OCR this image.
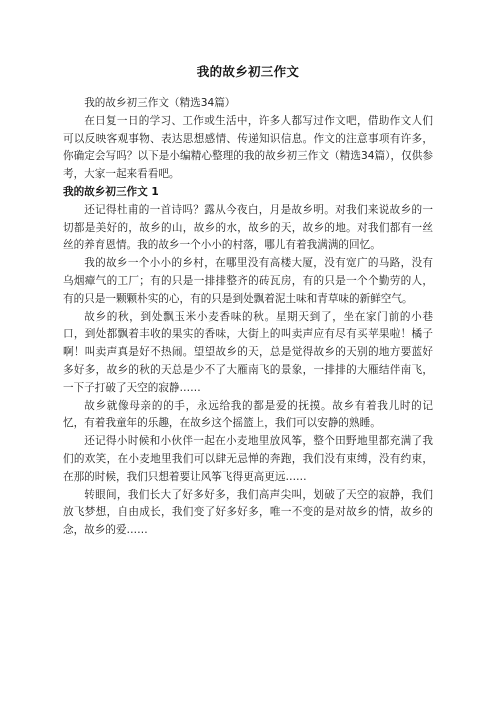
我的故乡初三作文

我的故乡初三作文（精选34篇）

在日复一日的学习、工作或生活中，许多人都写过作文吧，借助作文人们可以反映客观事物、表达思想感情、传递知识信息。作文的注意事项有许多，你确定会写吗？以下是小编精心整理的我的故乡初三作文（精选34篇），仅供参考，大家一起来看看吧。

我的故乡初三作文 1

还记得杜甫的一首诗吗？露从今夜白，月是故乡明。对我们来说故乡的一切都是美好的，故乡的山，故乡的水，故乡的天，故乡的地。对我们都有一丝丝的养育恩情。我的故乡一个小小的村落，哪儿有着我满满的回忆。

我的故乡一个小小的乡村，在哪里没有高楼大厦，没有宽广的马路，没有乌烟瘴气的工厂；有的只是一排排整齐的砖瓦房，有的只是一个个勤劳的人，有的只是一颗颗朴实的心，有的只是到处飘着泥土味和青草味的新鲜空气。

故乡的秋，到处飘玉米小麦香味的秋。星期天到了，坐在家门前的小巷口，到处都飘着丰收的果实的香味，大街上的叫卖声应有尽有买苹果啦！橘子啊！叫卖声真是好不热闹。望望故乡的天，总是觉得故乡的天别的地方要蓝好多好多，故乡的秋的天总是少不了大雁南飞的景象，一排排的大雁结伴南飞，一下子打破了天空的寂静……

故乡就像母亲的的手，永远给我的都是爱的抚摸。故乡有着我儿时的记忆，有着我童年的乐趣，在故乡这个摇篮上，我们可以安静的熟睡。

还记得小时候和小伙伴一起在小麦地里放风筝，整个田野地里都充满了我们的欢笑，在小麦地里我们可以肆无忌惮的奔跑，我们没有束缚，没有约束，在那的时候，我们只想着要让风筝飞得更高更远……

转眼间，我们长大了好多好多，我们高声尖叫，划破了天空的寂静，我们放飞梦想，自由成长，我们变了好多好多，唯一不变的是对故乡的情，故乡的念，故乡的爱……
